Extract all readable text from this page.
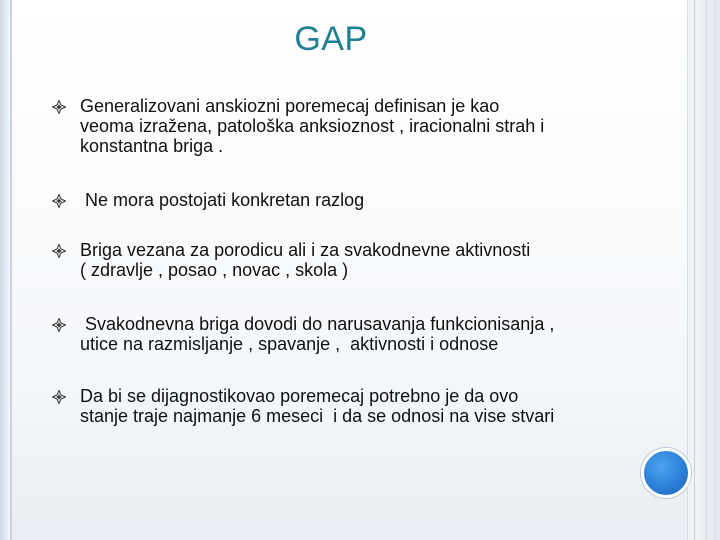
GAP
Generalizovani anskiozni poremecaj definisan je kao
veoma izražena, patološka anksioznost , iracionalni strah i
konstantna briga .
Ne mora postojati konkretan razlog
Briga vezana za porodicu ali i za svakodnevne aktivnosti
( zdravlje , posao , novac , skola )
Svakodnevna briga dovodi do narusavanja funkcionisanja ,
utice na razmisljanje , spavanje ,  aktivnosti i odnose
Da bi se dijagnostikovao poremecaj potrebno je da ovo
stanje traje najmanje 6 meseci  i da se odnosi na vise stvari
